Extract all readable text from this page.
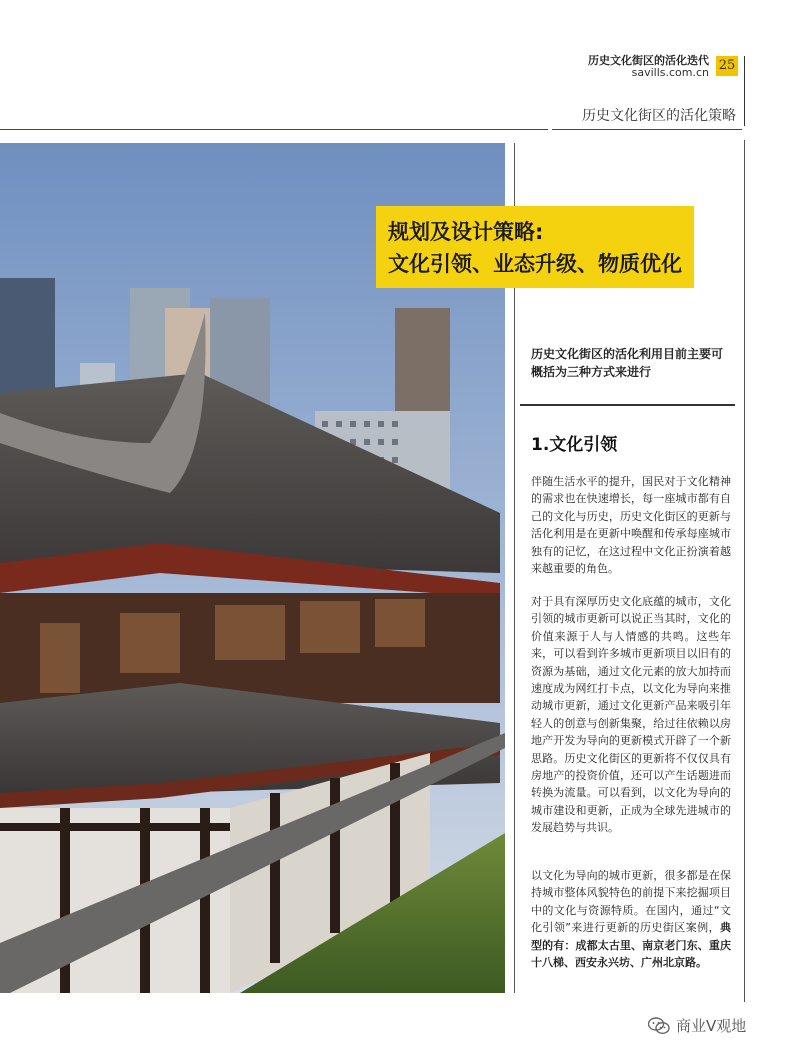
历史文化街区的活化迭代
savills.com.cn 25
历史文化街区的活化策略
规划及设计策略:
文化引领、业态升级、物质优化
历史文化街区的活化利用目前主要可概括为三种方式来进行
1.文化引领
伴随生活水平的提升，国民对于文化精神的需求也在快速增长，每一座城市都有自己的文化与历史，历史文化街区的更新与活化利用是在更新中唤醒和传承每座城市独有的记忆，在这过程中文化正扮演着越来越重要的角色。
对于具有深厚历史文化底蕴的城市，文化引领的城市更新可以说正当其时，文化的价值来源于人与人情感的共鸣。这些年来，可以看到许多城市更新项目以旧有的资源为基础，通过文化元素的放大加持而速度成为网红打卡点，以文化为导向来推动城市更新，通过文化更新产品来吸引年轻人的创意与创新集聚，给过往依赖以房地产开发为导向的更新模式开辟了一个新思路。历史文化街区的更新将不仅仅具有房地产的投资价值，还可以产生话题进而转换为流量。可以看到，以文化为导向的城市建设和更新，正成为全球先进城市的发展趋势与共识。
以文化为导向的城市更新，很多都是在保持城市整体风貌特色的前提下来挖掘项目中的文化与资源特质。在国内，通过“文化引领”来进行更新的历史街区案例，典型的有：成都太古里、南京老门东、重庆十八梯、西安永兴坊、广州北京路。
商业V观地
